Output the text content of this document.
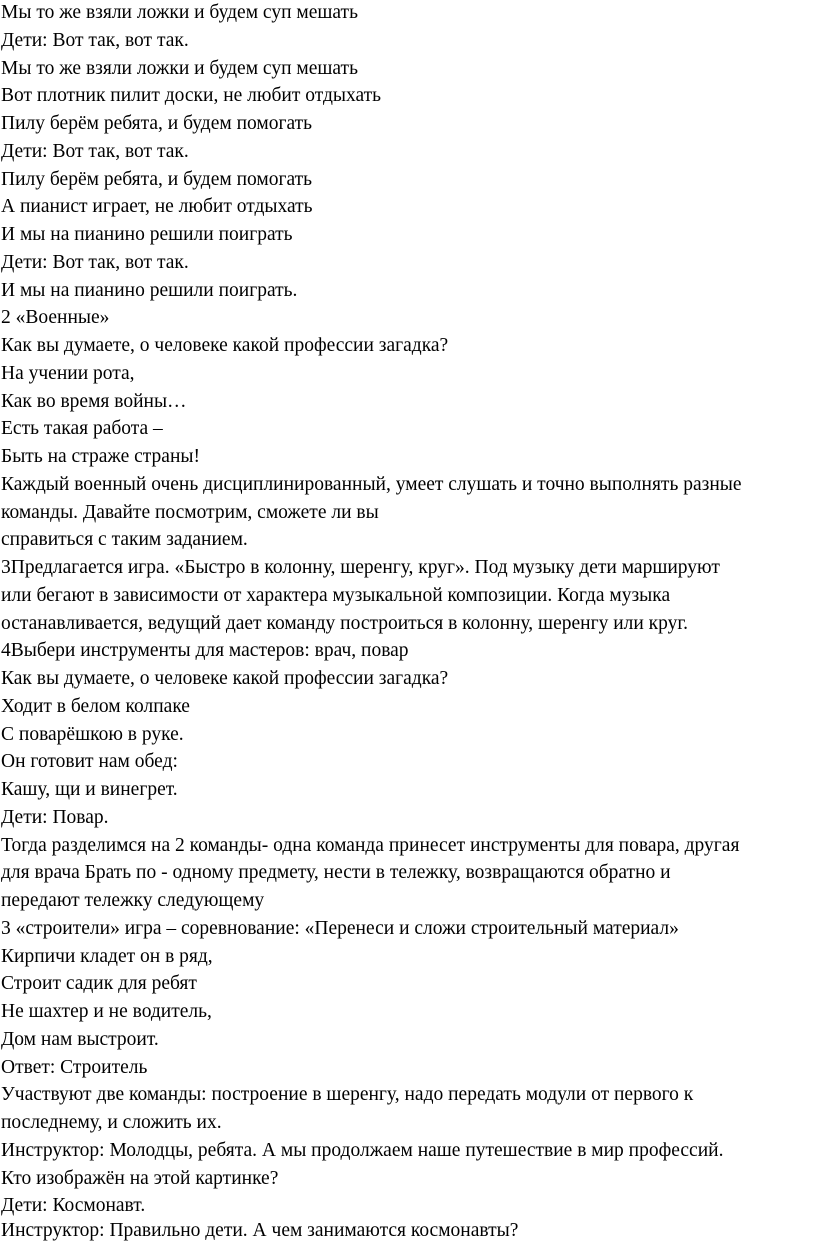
Мы то же взяли ложки и будем суп мешать
Дети: Вот так, вот так.
Мы то же взяли ложки и будем суп мешать
Вот плотник пилит доски, не любит отдыхать
Пилу берём ребята, и будем помогать
Дети: Вот так, вот так.
Пилу берём ребята, и будем помогать
А пианист играет, не любит отдыхать
И мы на пианино решили поиграть
Дети: Вот так, вот так.
И мы на пианино решили поиграть.
2 «Военные»
Как вы думаете, о человеке какой профессии загадка?
На учении рота,
Как во время войны…
Есть такая работа –
Быть на страже страны!
Каждый военный очень дисциплинированный, умеет слушать и точно выполнять разные
команды. Давайте посмотрим, сможете ли вы
справиться с таким заданием.
3Предлагается игра. «Быстро в колонну, шеренгу, круг». Под музыку дети маршируют
или бегают в зависимости от характера музыкальной композиции. Когда музыка
останавливается, ведущий дает команду построиться в колонну, шеренгу или круг.
4Выбери инструменты для мастеров: врач, повар
Как вы думаете, о человеке какой профессии загадка?
Ходит в белом колпаке
С поварёшкою в руке.
Он готовит нам обед:
Кашу, щи и винегрет.
Дети: Повар.
Тогда разделимся на 2 команды- одна команда принесет инструменты для повара, другая
для врача Брать по - одному предмету, нести в тележку, возвращаются обратно и
передают тележку следующему
3 «строители» игра – соревнование: «Перенеси и сложи строительный материал»
Кирпичи кладет он в ряд,
Строит садик для ребят
Не шахтер и не водитель,
Дом нам выстроит.
Ответ: Строитель
Участвуют две команды: построение в шеренгу, надо передать модули от первого к
последнему, и сложить их.
Инструктор: Молодцы, ребята. А мы продолжаем наше путешествие в мир профессий.
Кто изображён на этой картинке?
Дети: Космонавт.
Инструктор: Правильно дети. А чем занимаются космонавты?
